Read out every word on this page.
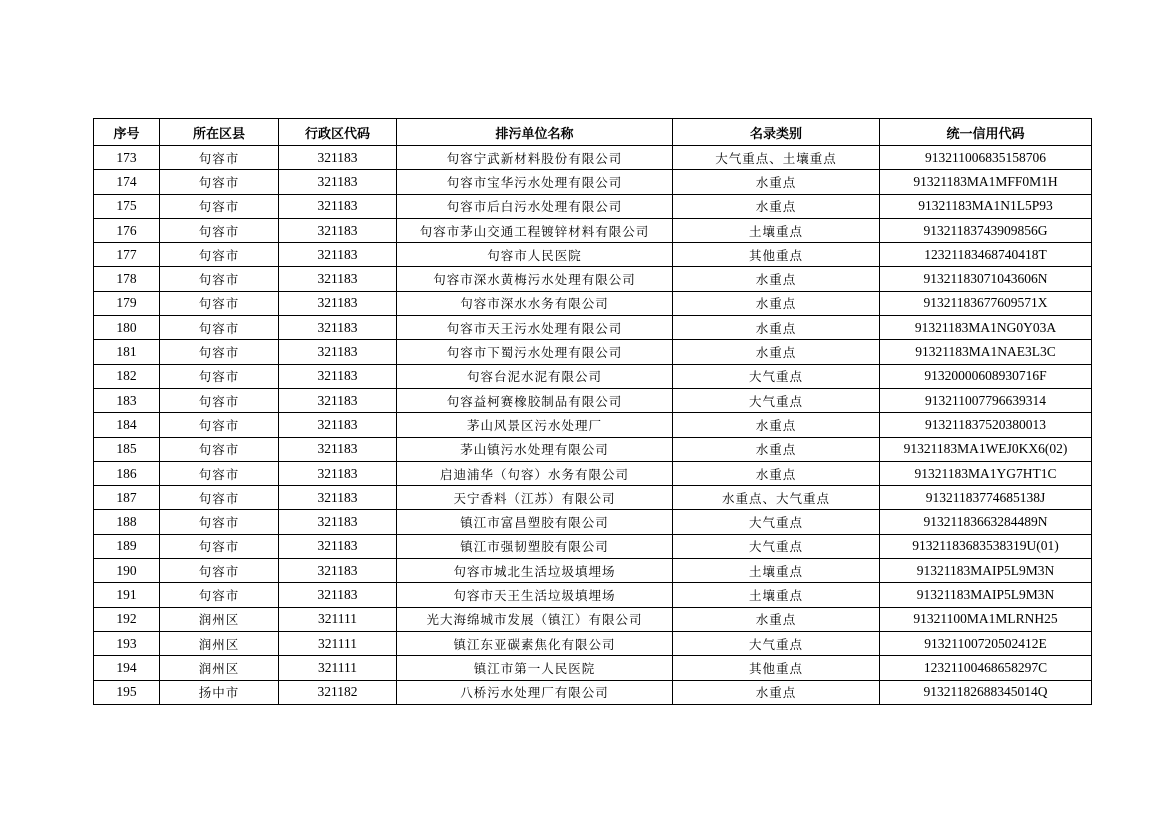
序号	所在区县	行政区代码	排污单位名称	名录类别	统一信用代码
173	句容市	321183	句容宁武新材料股份有限公司	大气重点、土壤重点	913211006835158706
174	句容市	321183	句容市宝华污水处理有限公司	水重点	91321183MA1MFF0M1H
175	句容市	321183	句容市后白污水处理有限公司	水重点	91321183MA1N1L5P93
176	句容市	321183	句容市茅山交通工程镀锌材料有限公司	土壤重点	91321183743909856G
177	句容市	321183	句容市人民医院	其他重点	12321183468740418T
178	句容市	321183	句容市深水黄梅污水处理有限公司	水重点	91321183071043606N
179	句容市	321183	句容市深水水务有限公司	水重点	91321183677609571X
180	句容市	321183	句容市天王污水处理有限公司	水重点	91321183MA1NG0Y03A
181	句容市	321183	句容市下蜀污水处理有限公司	水重点	91321183MA1NAE3L3C
182	句容市	321183	句容台泥水泥有限公司	大气重点	91320000608930716F
183	句容市	321183	句容益柯赛橡胶制品有限公司	大气重点	913211007796639314
184	句容市	321183	茅山风景区污水处理厂	水重点	913211837520380013
185	句容市	321183	茅山镇污水处理有限公司	水重点	91321183MA1WEJ0KX6(02)
186	句容市	321183	启迪浦华（句容）水务有限公司	水重点	91321183MA1YG7HT1C
187	句容市	321183	天宁香料（江苏）有限公司	水重点、大气重点	91321183774685138J
188	句容市	321183	镇江市富昌塑胶有限公司	大气重点	91321183663284489N
189	句容市	321183	镇江市强韧塑胶有限公司	大气重点	91321183683538319U(01)
190	句容市	321183	句容市城北生活垃圾填埋场	土壤重点	91321183MAIP5L9M3N
191	句容市	321183	句容市天王生活垃圾填埋场	土壤重点	91321183MAIP5L9M3N
192	润州区	321111	光大海绵城市发展（镇江）有限公司	水重点	91321100MA1MLRNH25
193	润州区	321111	镇江东亚碳素焦化有限公司	大气重点	91321100720502412E
194	润州区	321111	镇江市第一人民医院	其他重点	12321100468658297C
195	扬中市	321182	八桥污水处理厂有限公司	水重点	91321182688345014Q
